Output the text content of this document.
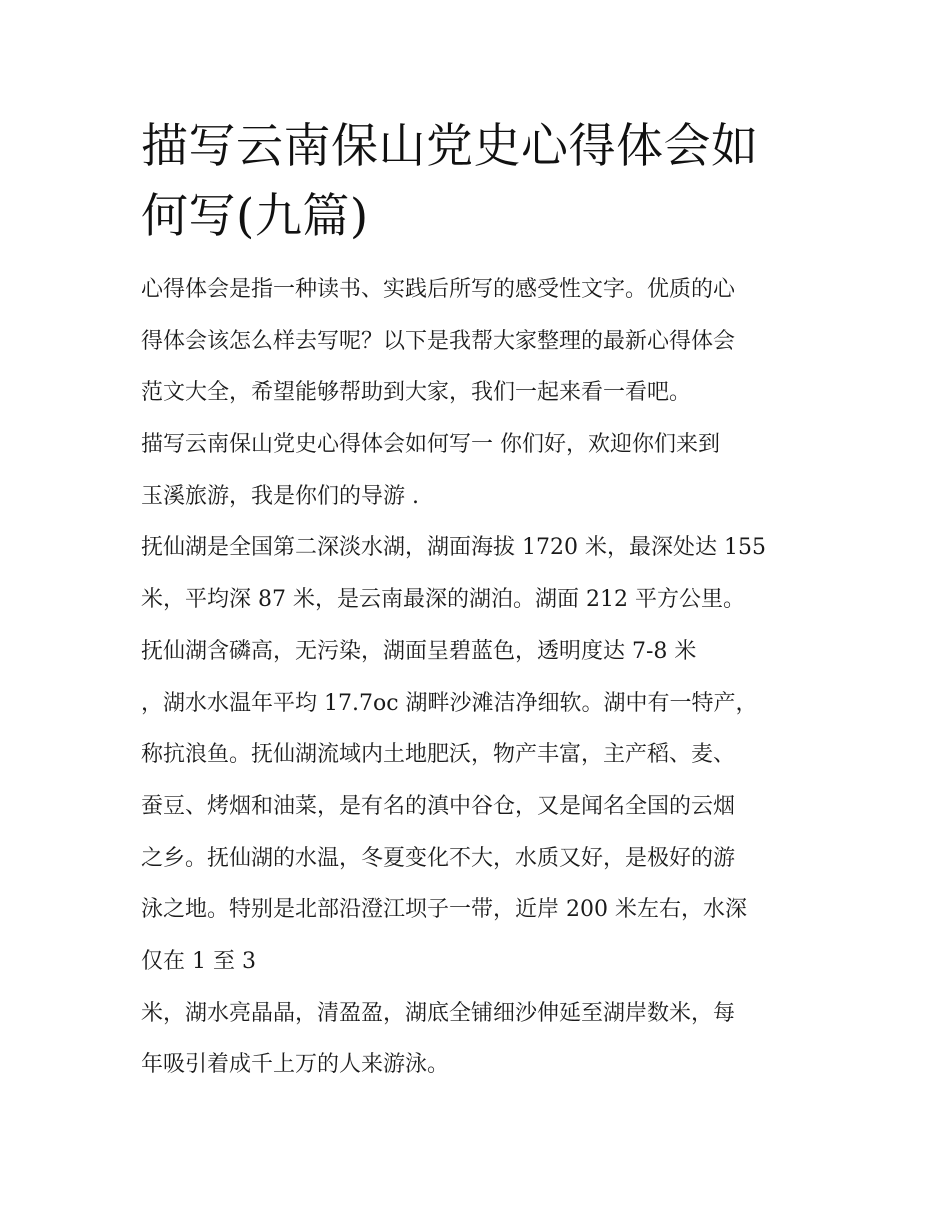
描写云南保山党史心得体会如
何写(九篇)
心得体会是指一种读书、实践后所写的感受性文字。优质的心
得体会该怎么样去写呢？以下是我帮大家整理的最新心得体会
范文大全，希望能够帮助到大家，我们一起来看一看吧。
描写云南保山党史心得体会如何写一 你们好，欢迎你们来到
玉溪旅游，我是你们的导游 .
抚仙湖是全国第二深淡水湖，湖面海拔 1720 米，最深处达 155
米，平均深 87 米，是云南最深的湖泊。湖面 212 平方公里。
抚仙湖含磷高，无污染，湖面呈碧蓝色，透明度达 7-8 米
，湖水水温年平均 17.7oc 湖畔沙滩洁净细软。湖中有一特产，
称抗浪鱼。抚仙湖流域内土地肥沃，物产丰富，主产稻、麦、
蚕豆、烤烟和油菜，是有名的滇中谷仓，又是闻名全国的云烟
之乡。抚仙湖的水温，冬夏变化不大，水质又好，是极好的游
泳之地。特别是北部沿澄江坝子一带，近岸 200 米左右，水深
仅在 1 至 3
米，湖水亮晶晶，清盈盈，湖底全铺细沙伸延至湖岸数米，每
年吸引着成千上万的人来游泳。
